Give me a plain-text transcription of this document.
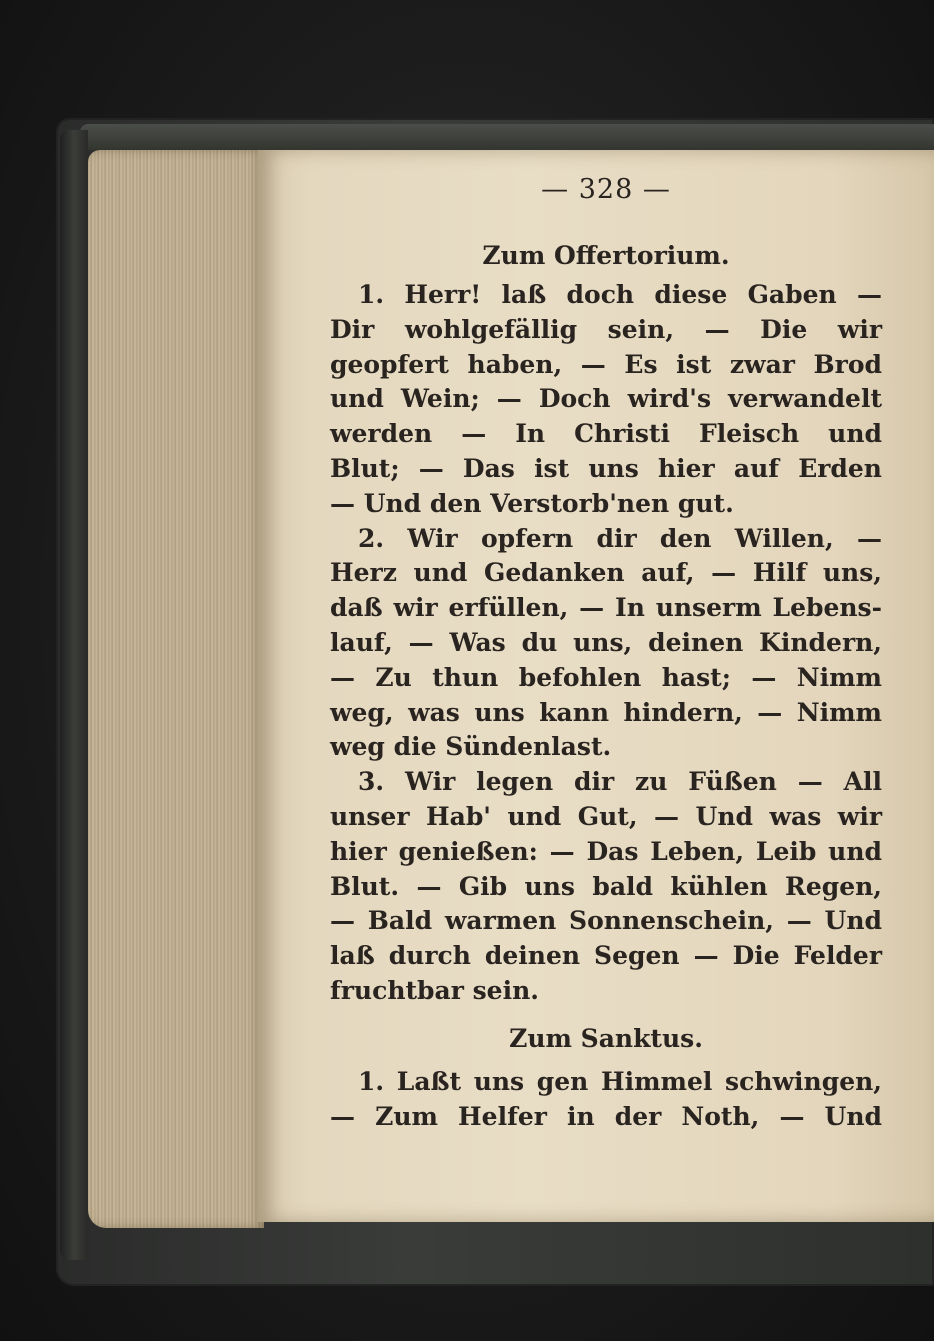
— 328 —
Zum Offertorium.
1. Herr! laß doch diese Gaben —
Dir wohlgefällig sein, — Die wir
geopfert haben, — Es ist zwar Brod
und Wein; — Doch wird's verwandelt
werden — In Christi Fleisch und
Blut; — Das ist uns hier auf Erden
— Und den Verstorb'nen gut.
2. Wir opfern dir den Willen, —
Herz und Gedanken auf, — Hilf uns,
daß wir erfüllen, — In unserm Lebens-
lauf, — Was du uns, deinen Kindern,
— Zu thun befohlen hast; — Nimm
weg, was uns kann hindern, — Nimm
weg die Sündenlast.
3. Wir legen dir zu Füßen — All
unser Hab' und Gut, — Und was wir
hier genießen: — Das Leben, Leib und
Blut. — Gib uns bald kühlen Regen,
— Bald warmen Sonnenschein, — Und
laß durch deinen Segen — Die Felder
fruchtbar sein.
Zum Sanktus.
1. Laßt uns gen Himmel schwingen,
— Zum Helfer in der Noth, — Und
